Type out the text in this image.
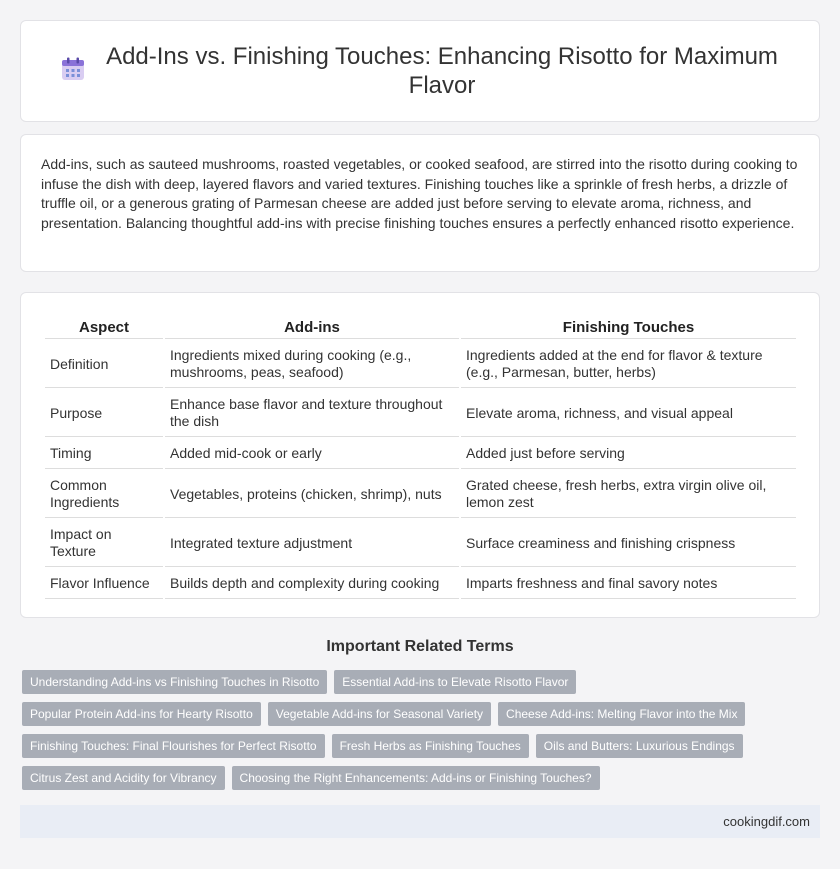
Add-Ins vs. Finishing Touches: Enhancing Risotto for Maximum Flavor

Add-ins, such as sauteed mushrooms, roasted vegetables, or cooked seafood, are stirred into the risotto during cooking to infuse the dish with deep, layered flavors and varied textures. Finishing touches like a sprinkle of fresh herbs, a drizzle of truffle oil, or a generous grating of Parmesan cheese are added just before serving to elevate aroma, richness, and presentation. Balancing thoughtful add-ins with precise finishing touches ensures a perfectly enhanced risotto experience.

Aspect	Add-ins	Finishing Touches
Definition	Ingredients mixed during cooking (e.g., mushrooms, peas, seafood)	Ingredients added at the end for flavor & texture (e.g., Parmesan, butter, herbs)
Purpose	Enhance base flavor and texture throughout the dish	Elevate aroma, richness, and visual appeal
Timing	Added mid-cook or early	Added just before serving
Common Ingredients	Vegetables, proteins (chicken, shrimp), nuts	Grated cheese, fresh herbs, extra virgin olive oil, lemon zest
Impact on Texture	Integrated texture adjustment	Surface creaminess and finishing crispness
Flavor Influence	Builds depth and complexity during cooking	Imparts freshness and final savory notes
Important Related Terms
Understanding Add-ins vs Finishing Touches in Risotto	Essential Add-ins to Elevate Risotto Flavor
Popular Protein Add-ins for Hearty Risotto	Vegetable Add-ins for Seasonal Variety	Cheese Add-ins: Melting Flavor into the Mix
Finishing Touches: Final Flourishes for Perfect Risotto	Fresh Herbs as Finishing Touches	Oils and Butters: Luxurious Endings
Citrus Zest and Acidity for Vibrancy	Choosing the Right Enhancements: Add-ins or Finishing Touches?
cookingdif.com
